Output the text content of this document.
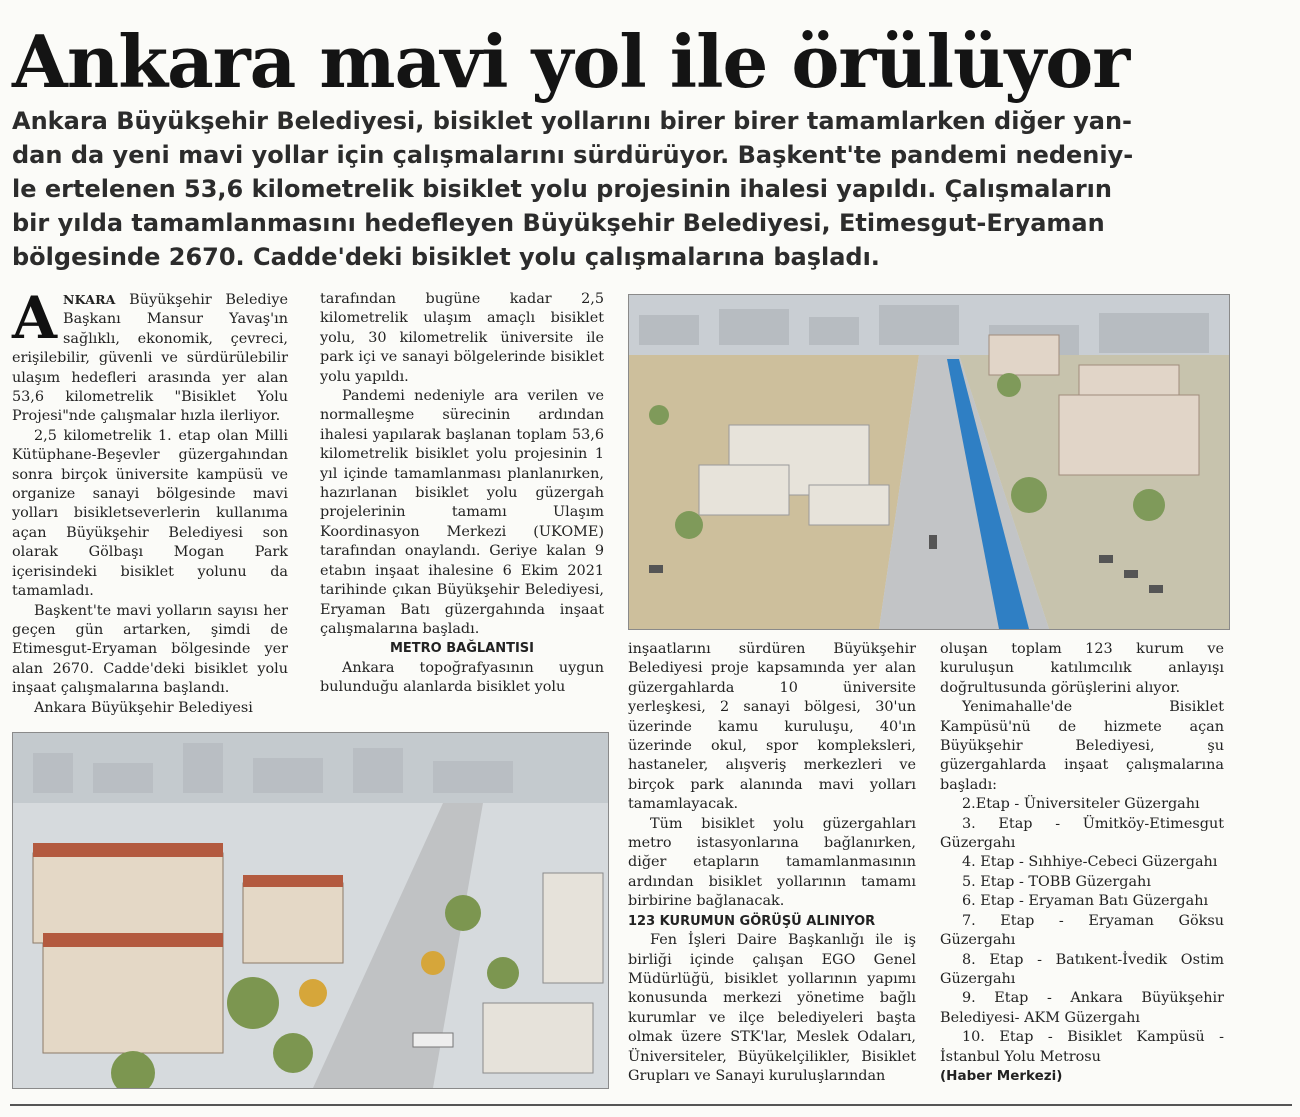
Ankara mavi yol ile örülüyor
Ankara Büyükşehir Belediyesi, bisiklet yollarını birer birer tamamlarken diğer yan-
dan da yeni mavi yollar için çalışmalarını sürdürüyor. Başkent'te pandemi nedeniy-
le ertelenen 53,6 kilometrelik bisiklet yolu projesinin ihalesi yapıldı. Çalışmaların
bir yılda tamamlanmasını hedefleyen Büyükşehir Belediyesi, Etimesgut-Eryaman
bölgesinde 2670. Cadde'deki bisiklet yolu çalışmalarına başladı.

ANKARA Büyükşehir Belediye Başkanı Mansur Yavaş'ın sağlıklı, ekonomik, çevreci, erişilebilir, güvenli ve sürdürülebilir ulaşım hedefleri arasında yer alan 53,6 kilometrelik "Bisiklet Yolu Projesi"nde çalışmalar hızla ilerliyor.

2,5 kilometrelik 1. etap olan Milli Kütüphane-Beşevler güzergahından sonra birçok üniversite kampüsü ve organize sanayi bölgesinde mavi yolları bisikletseverlerin kullanıma açan Büyükşehir Belediyesi son olarak Gölbaşı Mogan Park içerisindeki bisiklet yolunu da tamamladı.

Başkent'te mavi yolların sayısı her geçen gün artarken, şimdi de Etimesgut-Eryaman bölgesinde yer alan 2670. Cadde'deki bisiklet yolu inşaat çalışmalarına başlandı.

Ankara Büyükşehir Belediyesi

tarafından bugüne kadar 2,5 kilometrelik ulaşım amaçlı bisiklet yolu, 30 kilometrelik üniversite ile park içi ve sanayi bölgelerinde bisiklet yolu yapıldı.

Pandemi nedeniyle ara verilen ve normalleşme sürecinin ardından ihalesi yapılarak başlanan toplam 53,6 kilometrelik bisiklet yolu projesinin 1 yıl içinde tamamlanması planlanırken, hazırlanan bisiklet yolu güzergah projelerinin tamamı Ulaşım Koordinasyon Merkezi (UKOME) tarafından onaylandı. Geriye kalan 9 etabın inşaat ihalesine 6 Ekim 2021 tarihinde çıkan Büyükşehir Belediyesi, Eryaman Batı güzergahında inşaat çalışmalarına başladı.

METRO BAĞLANTISI

Ankara topoğrafyasının uygun bulunduğu alanlarda bisiklet yolu

inşaatlarını sürdüren Büyükşehir Belediyesi proje kapsamında yer alan güzergahlarda 10 üniversite yerleşkesi, 2 sanayi bölgesi, 30'un üzerinde kamu kuruluşu, 40'ın üzerinde okul, spor kompleksleri, hastaneler, alışveriş merkezleri ve birçok park alanında mavi yolları tamamlayacak.

Tüm bisiklet yolu güzergahları metro istasyonlarına bağlanırken, diğer etapların tamamlanmasının ardından bisiklet yollarının tamamı birbirine bağlanacak.

123 KURUMUN GÖRÜŞÜ ALINIYOR

Fen İşleri Daire Başkanlığı ile iş birliği içinde çalışan EGO Genel Müdürlüğü, bisiklet yollarının yapımı konusunda merkezi yönetime bağlı kurumlar ve ilçe belediyeleri başta olmak üzere STK'lar, Meslek Odaları, Üniversiteler, Büyükelçilikler, Bisiklet Grupları ve Sanayi kuruluşlarından

oluşan toplam 123 kurum ve kuruluşun katılımcılık anlayışı doğrultusunda görüşlerini alıyor.

Yenimahalle'de Bisiklet Kampüsü'nü de hizmete açan Büyükşehir Belediyesi, şu güzergahlarda inşaat çalışmalarına başladı:

2.Etap - Üniversiteler Güzergahı

3. Etap - Ümitköy-Etimesgut Güzergahı

4. Etap - Sıhhiye-Cebeci Güzergahı

5. Etap - TOBB Güzergahı

6. Etap - Eryaman Batı Güzergahı

7. Etap - Eryaman Göksu Güzergahı

8. Etap - Batıkent-İvedik Ostim Güzergahı

9. Etap - Ankara Büyükşehir Belediyesi- AKM Güzergahı

10. Etap - Bisiklet Kampüsü - İstanbul Yolu Metrosu

(Haber Merkezi)
